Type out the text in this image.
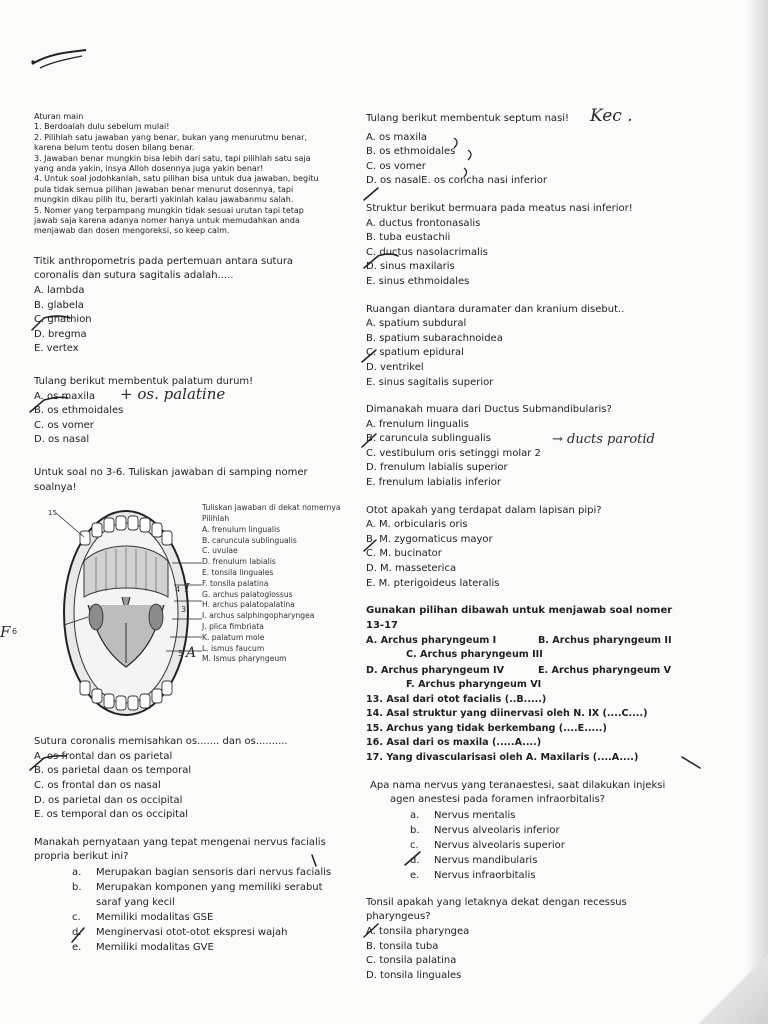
Aturan main

1. Berdoalah dulu sebelum mulai!

2. Pilihlah satu jawaban yang benar, bukan yang menurutmu benar,

karena belum tentu dosen bilang benar.

3. Jawaban benar mungkin bisa lebih dari satu, tapi pilihlah satu saja

yang anda yakin, insya Alloh dosennya juga yakin benar!

4. Untuk soal jodohkanlah, satu pilihan bisa untuk dua jawaban, begitu

pula tidak semua pilihan jawaban benar menurut dosennya, tapi

mungkin dikau pilih itu, berarti yakinlah kalau jawabanmu salah.

5. Nomer yang terpampang mungkin tidak sesuai urutan tapi tetap

jawab saja karena adanya nomer hanya untuk memudahkan anda

menjawab dan dosen mengoreksi, so keep calm.

Titik anthropometris pada pertemuan antara sutura

coronalis dan sutura sagitalis adalah.....

A. lambda

B. glabela

C. gnathion

D. bregma

E. vertex

Tulang berikut membentuk palatum durum!

A. os maxila

B. os ethmoidales

C. os vomer

D. os nasal

+ os. palatine

Untuk soal no 3-6. Tuliskan jawaban di samping nomer

soalnya!

15

Tuliskan jawaban di dekat nomernya

Pilihlah

A. frenulum lingualis

B. caruncula sublingualis

C. uvulae

D. frenulum labialis

E. tonsila linguales

F. tonsila palatina

G. archus palatoglossus

H. archus palatopalatina

I. archus salphingopharyngea

J. plica fimbriata

K. palatum mole

L. ismus faucum

M. Ismus pharyngeum

4 I
3
F 6
5 A

Sutura coronalis memisahkan os....... dan os..........

A. os frontal dan os parietal

B. os parietal daan os temporal

C. os frontal dan os nasal

D. os parietal dan os occipital

E. os temporal dan os occipital

Manakah pernyataan yang tepat mengenai nervus facialis

propria berikut ini?

a.	Merupakan bagian sensoris dari nervus facialis
b.	Merupakan komponen yang memiliki serabut
saraf yang kecil
c.	Memiliki modalitas GSE
d.	Menginervasi otot-otot ekspresi wajah
e.	Memiliki modalitas GVE

Tulang berikut membentuk septum nasi!	Kec .

A. os maxila

B. os ethmoidales

C. os vomer

D. os nasalE. os concha nasi inferior

Struktur berikut bermuara pada meatus nasi inferior!

A. ductus frontonasalis

B. tuba eustachii

C. ductus nasolacrimalis

D. sinus maxilaris

E. sinus ethmoidales

Ruangan diantara duramater dan kranium disebut..

A. spatium subdural

B. spatium subarachnoidea

C. spatium epidural

D. ventrikel

E. sinus sagitalis superior

Dimanakah muara dari Ductus Submandibularis?

A. frenulum lingualis

B. caruncula sublingualis

C. vestibulum oris setinggi molar 2

D. frenulum labialis superior

E. frenulum labialis inferior

→ ducts parotid

Otot apakah yang terdapat dalam lapisan pipi?

A. M. orbicularis oris

B. M. zygomaticus mayor

C. M. bucinator

D. M. masseterica

E. M. pterigoideus lateralis

Gunakan pilihan dibawah untuk menjawab soal nomer

13-17

A. Archus pharyngeum I	B. Archus pharyngeum II

C. Archus pharyngeum III

D. Archus pharyngeum IV	E. Archus pharyngeum V

F. Archus pharyngeum VI

13. Asal dari otot facialis (..B.....)

14. Asal struktur yang diinervasi oleh N. IX (....C....)

15. Archus yang tidak berkembang (....E.....)

16. Asal dari os maxila (.....A....)

17. Yang divascularisasi oleh A. Maxilaris (....A....)

Apa nama nervus yang teranaestesi, saat dilakukan injeksi

agen anestesi pada foramen infraorbitalis?

a.	Nervus mentalis
b.	Nervus alveolaris inferior
c.	Nervus alveolaris superior
d.	Nervus mandibularis
e.	Nervus infraorbitalis

Tonsil apakah yang letaknya dekat dengan recessus

pharyngeus?

A. tonsila pharyngea

B. tonsila tuba

C. tonsila palatina

D. tonsila linguales
